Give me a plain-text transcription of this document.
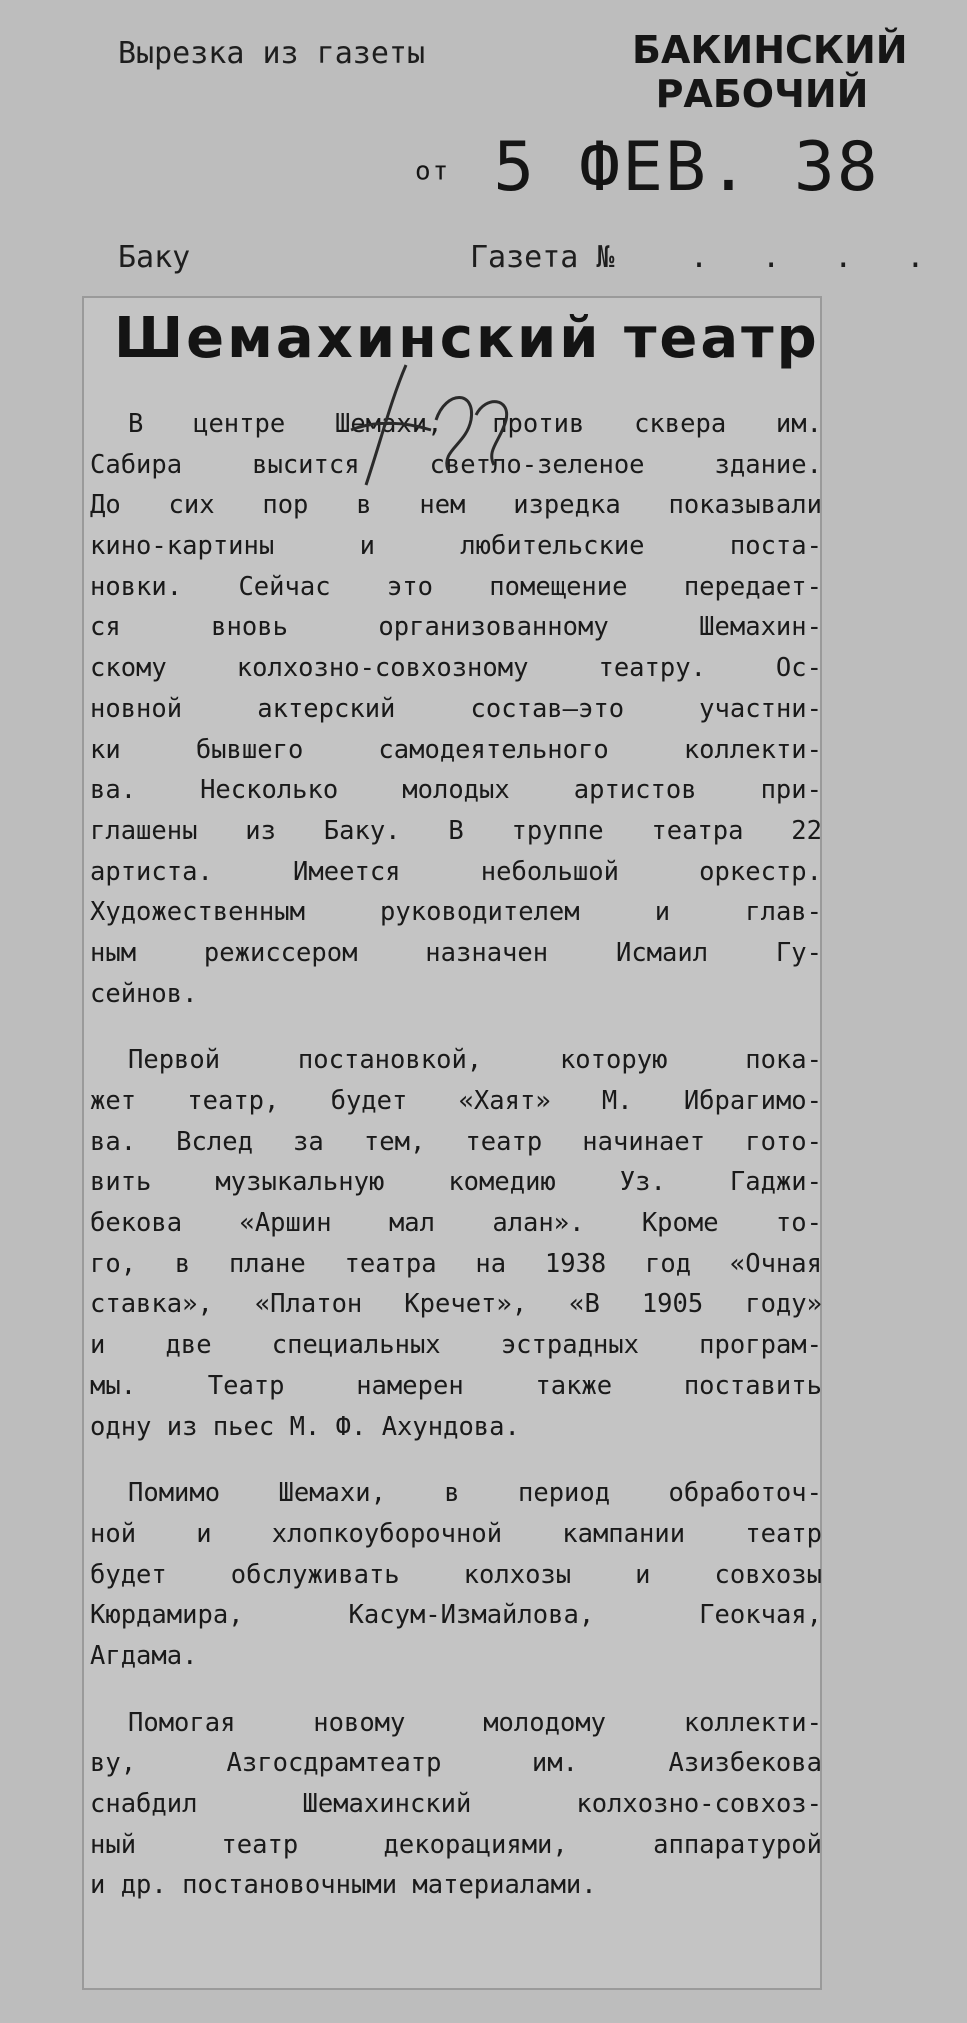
Вырезка из газеты	БАКИНСКИЙ РАБОЧИЙ
от 5 ФЕВ. 38
Баку	Газета №	. . . .
Шемахинский театр
В центре Шемахи, против сквера им.
Сабира высится светло-зеленое здание.
До сих пор в нем изредка показывали
кино-картины и любительские поста-
новки. Сейчас это помещение передает-
ся вновь организованному Шемахин-
скому колхозно-совхозному театру. Ос-
новной актерский состав—это участни-
ки бывшего самодеятельного коллекти-
ва. Несколько молодых артистов при-
глашены из Баку. В труппе театра 22
артиста. Имеется небольшой оркестр.
Художественным руководителем и глав-
ным режиссером назначен Исмаил Гу-
сейнов.
Первой постановкой, которую пока-
жет театр, будет «Хаят» М. Ибрагимо-
ва. Вслед за тем, театр начинает гото-
вить музыкальную комедию Уз. Гаджи-
бекова «Аршин мал алан». Кроме то-
го, в плане театра на 1938 год «Очная
ставка», «Платон Кречет», «В 1905 году»
и две специальных эстрадных програм-
мы. Театр намерен также поставить
одну из пьес М. Ф. Ахундова.
Помимо Шемахи, в период обработоч-
ной и хлопкоуборочной кампании театр
будет обслуживать колхозы и совхозы
Кюрдамира, Касум-Измайлова, Геокчая,
Агдама.
Помогая новому молодому коллекти-
ву, Азгосдрамтеатр им. Азизбекова
снабдил Шемахинский колхозно-совхоз-
ный театр декорациями, аппаратурой
и др. постановочными материалами.
